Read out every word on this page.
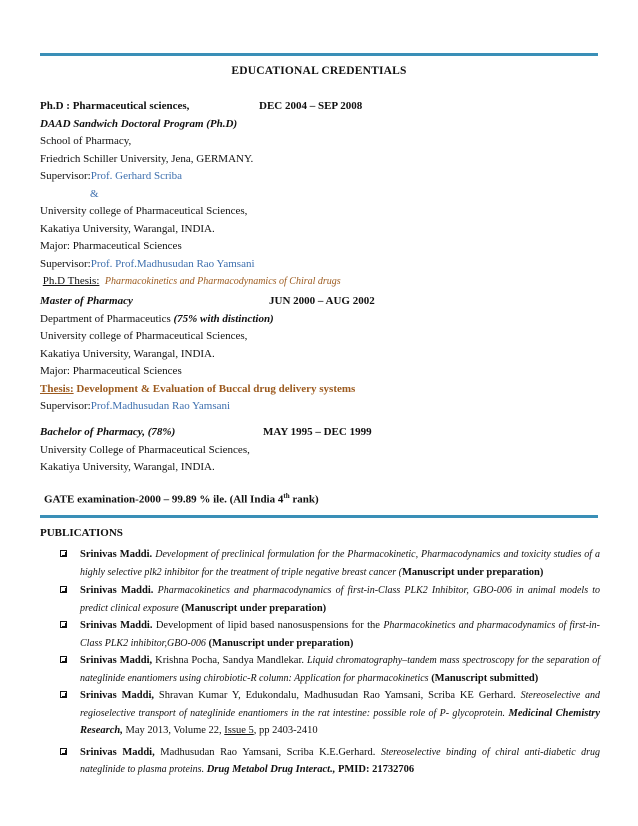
EDUCATIONAL CREDENTIALS
Ph.D : Pharmaceutical sciences,	DEC 2004 – SEP 2008
DAAD Sandwich Doctoral Program (Ph.D)
School of Pharmacy,
Friedrich Schiller University, Jena, GERMANY.
Supervisor:Prof. Gerhard Scriba
&
University college of Pharmaceutical Sciences,
Kakatiya University, Warangal, INDIA.
Major: Pharmaceutical Sciences
Supervisor:Prof. Prof.Madhusudan Rao Yamsani
Ph.D Thesis: Pharmacokinetics and Pharmacodynamics of Chiral drugs
Master of Pharmacy	JUN 2000 – AUG 2002
Department of Pharmaceutics (75% with distinction)
University college of Pharmaceutical Sciences,
Kakatiya University, Warangal, INDIA.
Major: Pharmaceutical Sciences
Thesis: Development & Evaluation of Buccal drug delivery systems
Supervisor:Prof.Madhusudan Rao Yamsani
Bachelor of Pharmacy, (78%)	MAY 1995 – DEC 1999
University College of Pharmaceutical Sciences,
Kakatiya University, Warangal, INDIA.
GATE examination-2000 – 99.89 % ile. (All India 4th rank)
PUBLICATIONS
Srinivas Maddi. Development of preclinical formulation for the Pharmacokinetic, Pharmacodynamics and toxicity studies of a highly selective plk2 inhibitor for the treatment of triple negative breast cancer (Manuscript under preparation)
Srinivas Maddi. Pharmacokinetics and pharmacodynamics of first-in-Class PLK2 Inhibitor, GBO-006 in animal models to predict clinical exposure (Manuscript under preparation)
Srinivas Maddi. Development of lipid based nanosuspensions for the Pharmacokinetics and pharmacodynamics of first-in-Class PLK2 inhibitor,GBO-006 (Manuscript under preparation)
Srinivas Maddi, Krishna Pocha, Sandya Mandlekar. Liquid chromatography–tandem mass spectroscopy for the separation of nateglinide enantiomers using chirobiotic-R column: Application for pharmacokinetics (Manuscript submitted)
Srinivas Maddi, Shravan Kumar Y, Edukondalu, Madhusudan Rao Yamsani, Scriba KE Gerhard. Stereoselective and regioselective transport of nateglinide enantiomers in the rat intestine: possible role of P- glycoprotein. Medicinal Chemistry Research, May 2013, Volume 22, Issue 5, pp 2403-2410
Srinivas Maddi, Madhusudan Rao Yamsani, Scriba K.E.Gerhard. Stereoselective binding of chiral anti-diabetic drug nateglinide to plasma proteins. Drug Metabol Drug Interact., PMID: 21732706
